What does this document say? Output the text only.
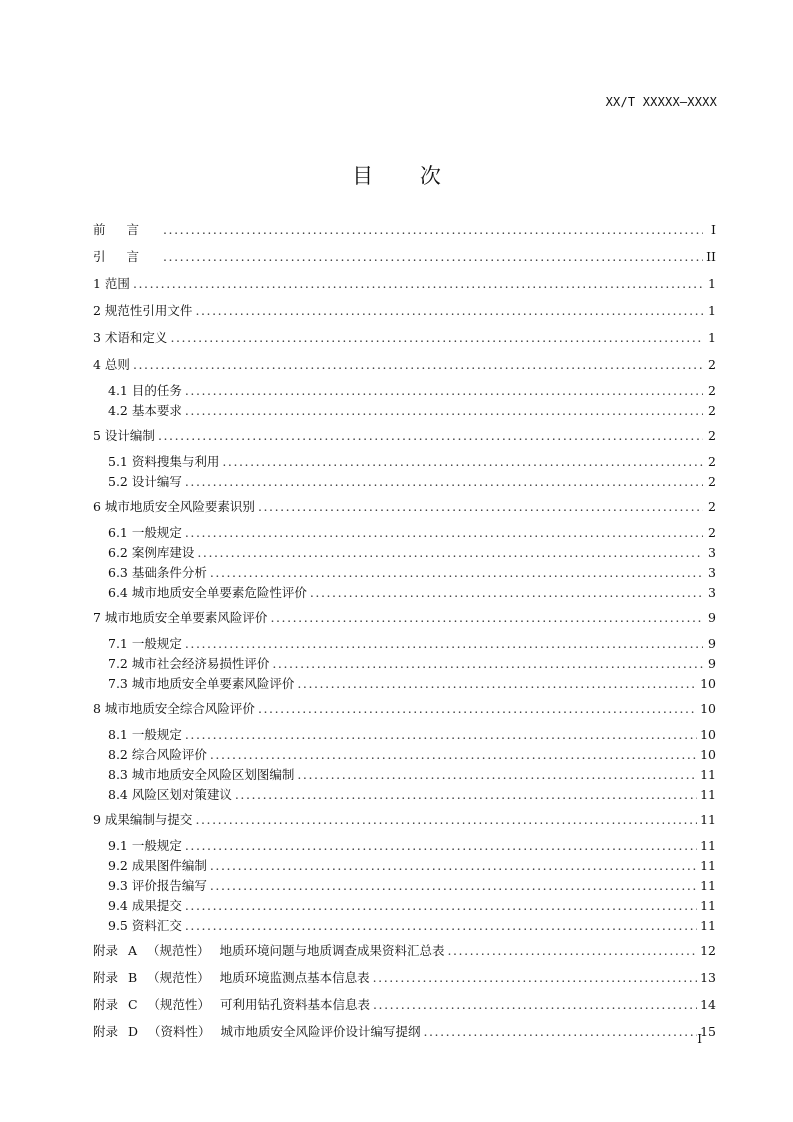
XX/T XXXXX—XXXX
目 次
前言 . . .	I
引言 . . .	II
1 范围 . . .	1
2 规范性引用文件 . . .	1
3 术语和定义 . . .	1
4 总则 . . .	2
4.1 目的任务 . . .	2
4.2 基本要求 . . .	2
5 设计编制 . . .	2
5.1 资料搜集与利用 . . .	2
5.2 设计编写 . . .	2
6 城市地质安全风险要素识别 . . .	2
6.1 一般规定 . . .	2
6.2 案例库建设 . . .	3
6.3 基础条件分析 . . .	3
6.4 城市地质安全单要素危险性评价 . . .	3
7 城市地质安全单要素风险评价 . . .	9
7.1 一般规定 . . .	9
7.2 城市社会经济易损性评价 . . .	9
7.3 城市地质安全单要素风险评价 . . .	10
8 城市地质安全综合风险评价 . . .	10
8.1 一般规定 . . .	10
8.2 综合风险评价 . . .	10
8.3 城市地质安全风险区划图编制 . . .	11
8.4 风险区划对策建议 . . .	11
9 成果编制与提交 . . .	11
9.1 一般规定 . . .	11
9.2 成果图件编制 . . .	11
9.3 评价报告编写 . . .	11
9.4 成果提交 . . .	11
9.5 资料汇交 . . .	11
附录 A （规范性） 地质环境问题与地质调查成果资料汇总表 . . .	12
附录 B （规范性） 地质环境监测点基本信息表 . . .	13
附录 C （规范性） 可利用钻孔资料基本信息表 . . .	14
附录 D （资料性） 城市地质安全风险评价设计编写提纲 . . .	15
I
